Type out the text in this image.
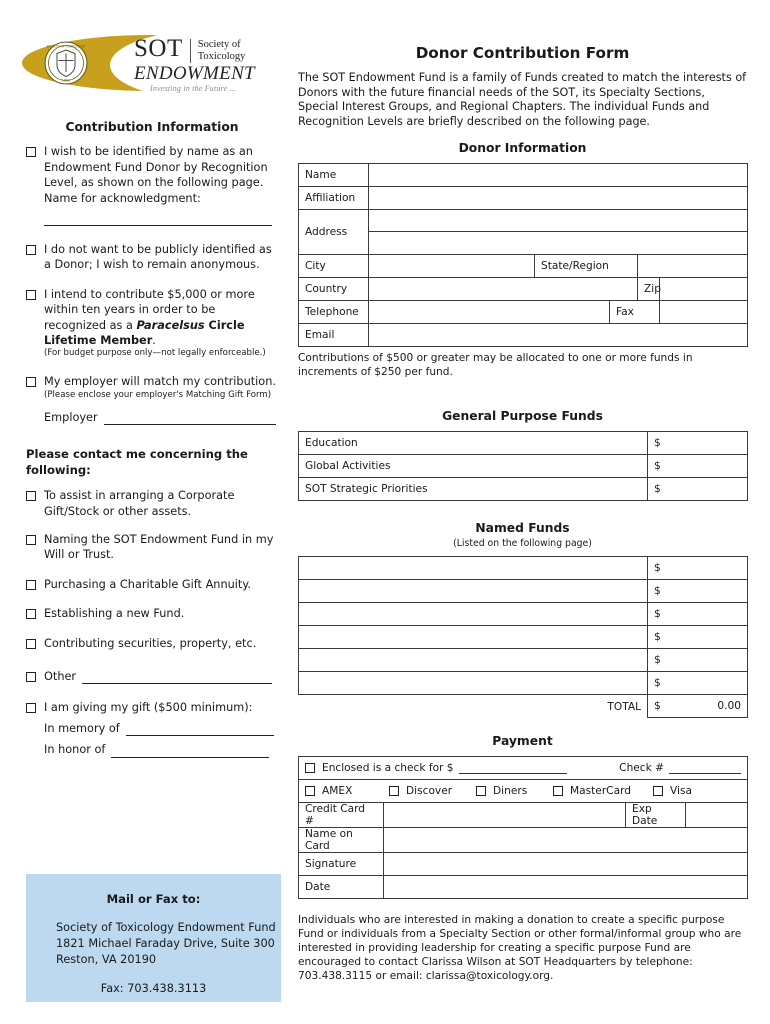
1961
SOCIETY OF TOXICOLOGY SOT Society of
Toxicology
ENDOWMENT
Investing in the Future ...
Contribution Information
I wish to be identified by name as an Endowment Fund Donor by Recognition Level, as shown on the following page. Name for acknowledgment:
I do not want to be publicly identified as a Donor; I wish to remain anonymous.
I intend to contribute $5,000 or more within ten years in order to be recognized as a Paracelsus Circle Lifetime Member.
(For budget purpose only—not legally enforceable.)
My employer will match my contribution.
(Please enclose your employer's Matching Gift Form)
Employer
Please contact me concerning the following:
To assist in arranging a Corporate Gift/Stock or other assets.
Naming the SOT Endowment Fund in my Will or Trust.
Purchasing a Charitable Gift Annuity.
Establishing a new Fund.
Contributing securities, property, etc.
Other
I am giving my gift ($500 minimum):
In memory of
In honor of
Mail or Fax to:
Society of Toxicology Endowment Fund
1821 Michael Faraday Drive, Suite 300
Reston, VA 20190
Fax: 703.438.3113
Donor Contribution Form
The SOT Endowment Fund is a family of Funds created to match the interests of Donors with the future financial needs of the SOT, its Specialty Sections, Special Interest Groups, and Regional Chapters. The individual Funds and Recognition Levels are briefly described on the following page.
Donor Information
Name					
Affiliation					
Address					

City		State/Region			
Country				Zip	
Telephone			Fax		
Email					
Contributions of $500 or greater may be allocated to one or more funds in increments of $250 per fund.
General Purpose Funds
Education	$
Global Activities	$
SOT Strategic Priorities	$
Named Funds
(Listed on the following page)
	$
	$
	$
	$
	$
	$
TOTAL	$ 0.00
Payment
Enclosed is a check for $ Check #			

AMEX Discover Diners MasterCard Visa			

Credit Card #		Exp Date	
Name on Card			
Signature			
Date			
Individuals who are interested in making a donation to create a specific purpose Fund or individuals from a Specialty Section or other formal/informal group who are interested in providing leadership for creating a specific purpose Fund are encouraged to contact Clarissa Wilson at SOT Headquarters by telephone: 703.438.3115 or email: clarissa@toxicology.org.
